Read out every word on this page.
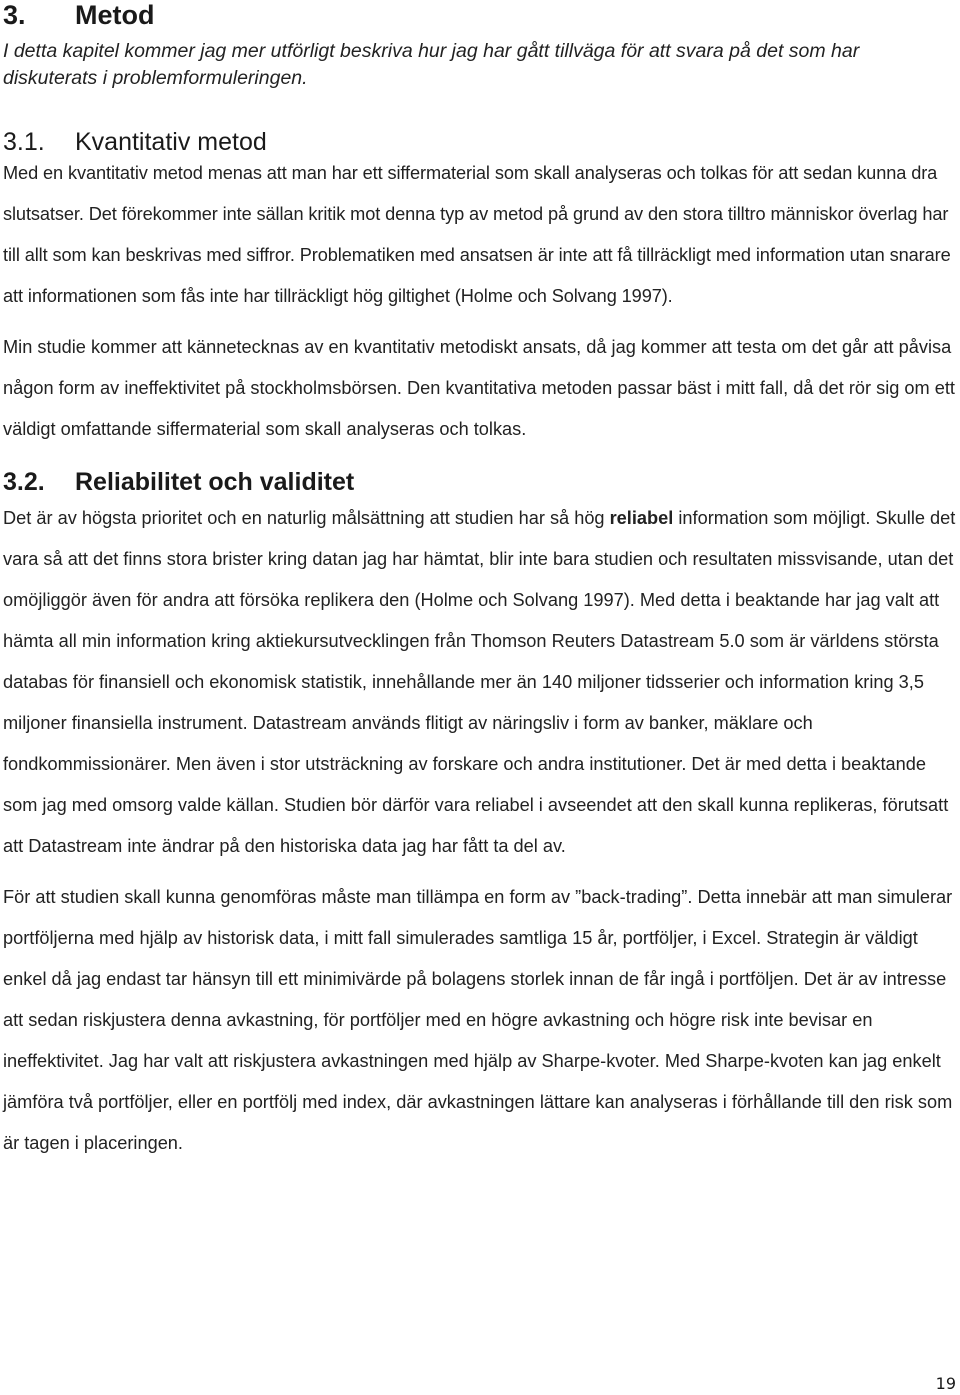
3. Metod

I detta kapitel kommer jag mer utförligt beskriva hur jag har gått tillväga för att svara på det som har diskuterats i problemformuleringen.

3.1. Kvantitativ metod

Med en kvantitativ metod menas att man har ett siffermaterial som skall analyseras och tolkas för att sedan kunna dra slutsatser. Det förekommer inte sällan kritik mot denna typ av metod på grund av den stora tilltro människor överlag har till allt som kan beskrivas med siffror. Problematiken med ansatsen är inte att få tillräckligt med information utan snarare att informationen som fås inte har tillräckligt hög giltighet (Holme och Solvang 1997).

Min studie kommer att kännetecknas av en kvantitativ metodiskt ansats, då jag kommer att testa om det går att påvisa någon form av ineffektivitet på stockholmsbörsen. Den kvantitativa metoden passar bäst i mitt fall, då det rör sig om ett väldigt omfattande siffermaterial som skall analyseras och tolkas.

3.2. Reliabilitet och validitet

Det är av högsta prioritet och en naturlig målsättning att studien har så hög reliabel information som möjligt. Skulle det vara så att det finns stora brister kring datan jag har hämtat, blir inte bara studien och resultaten missvisande, utan det omöjliggör även för andra att försöka replikera den (Holme och Solvang 1997). Med detta i beaktande har jag valt att hämta all min information kring aktiekursutvecklingen från Thomson Reuters Datastream 5.0 som är världens största databas för finansiell och ekonomisk statistik, innehållande mer än 140 miljoner tidsserier och information kring 3,5 miljoner finansiella instrument. Datastream används flitigt av näringsliv i form av banker, mäklare och fondkommissionärer. Men även i stor utsträckning av forskare och andra institutioner. Det är med detta i beaktande som jag med omsorg valde källan. Studien bör därför vara reliabel i avseendet att den skall kunna replikeras, förutsatt att Datastream inte ändrar på den historiska data jag har fått ta del av.

För att studien skall kunna genomföras måste man tillämpa en form av ”back-trading”. Detta innebär att man simulerar portföljerna med hjälp av historisk data, i mitt fall simulerades samtliga 15 år, portföljer, i Excel. Strategin är väldigt enkel då jag endast tar hänsyn till ett minimivärde på bolagens storlek innan de får ingå i portföljen. Det är av intresse att sedan riskjustera denna avkastning, för portföljer med en högre avkastning och högre risk inte bevisar en ineffektivitet. Jag har valt att riskjustera avkastningen med hjälp av Sharpe-kvoter. Med Sharpe-kvoten kan jag enkelt jämföra två portföljer, eller en portfölj med index, där avkastningen lättare kan analyseras i förhållande till den risk som är tagen i placeringen.

19
